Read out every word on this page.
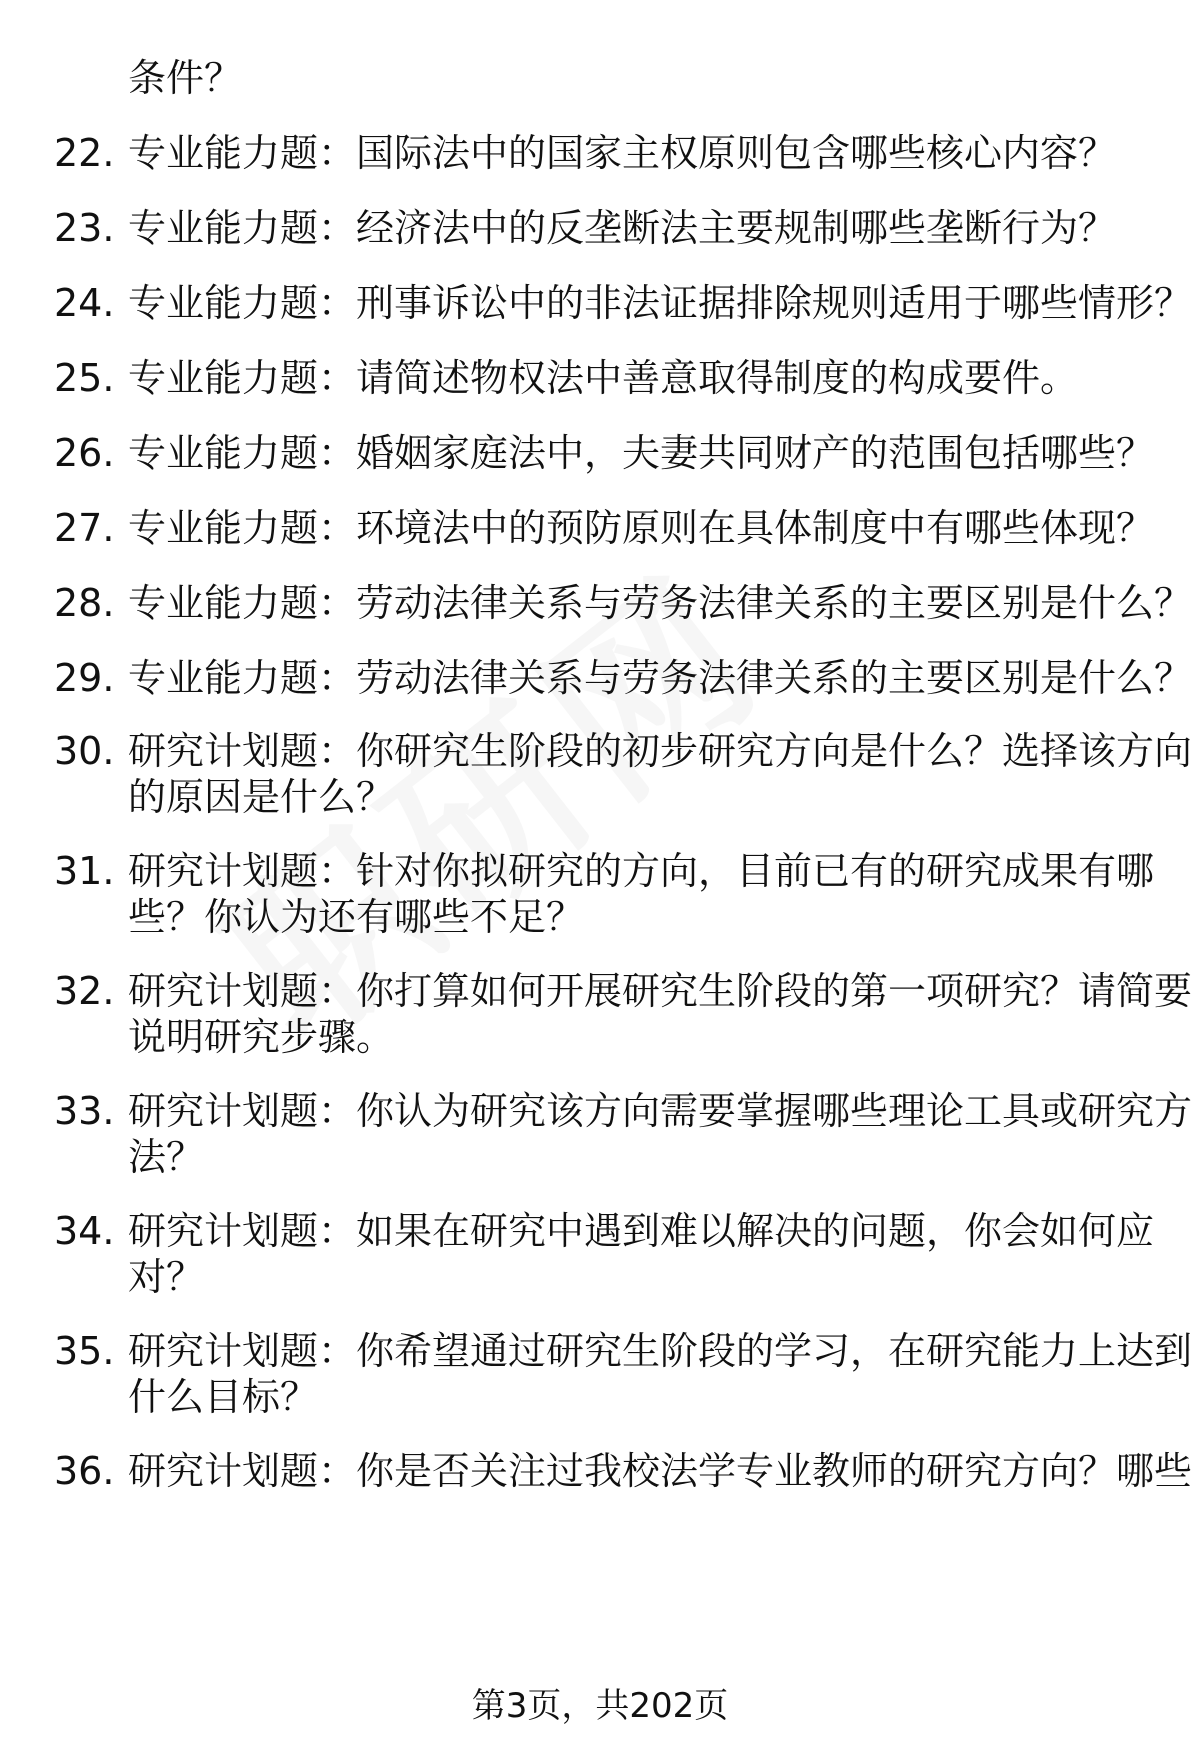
条件？
22. 专业能力题：国际法中的国家主权原则包含哪些核心内容？
23. 专业能力题：经济法中的反垄断法主要规制哪些垄断行为？
24. 专业能力题：刑事诉讼中的非法证据排除规则适用于哪些情形？
25. 专业能力题：请简述物权法中善意取得制度的构成要件。
26. 专业能力题：婚姻家庭法中，夫妻共同财产的范围包括哪些？
27. 专业能力题：环境法中的预防原则在具体制度中有哪些体现？
28. 专业能力题：劳动法律关系与劳务法律关系的主要区别是什么？
29. 专业能力题：劳动法律关系与劳务法律关系的主要区别是什么？
30. 研究计划题：你研究生阶段的初步研究方向是什么？选择该方向
的原因是什么？
31. 研究计划题：针对你拟研究的方向，目前已有的研究成果有哪
些？你认为还有哪些不足？
32. 研究计划题：你打算如何开展研究生阶段的第一项研究？请简要
说明研究步骤。
33. 研究计划题：你认为研究该方向需要掌握哪些理论工具或研究方
法？
34. 研究计划题：如果在研究中遇到难以解决的问题，你会如何应
对？
35. 研究计划题：你希望通过研究生阶段的学习，在研究能力上达到
什么目标？
36. 研究计划题：你是否关注过我校法学专业教师的研究方向？哪些
第3页，共202页
